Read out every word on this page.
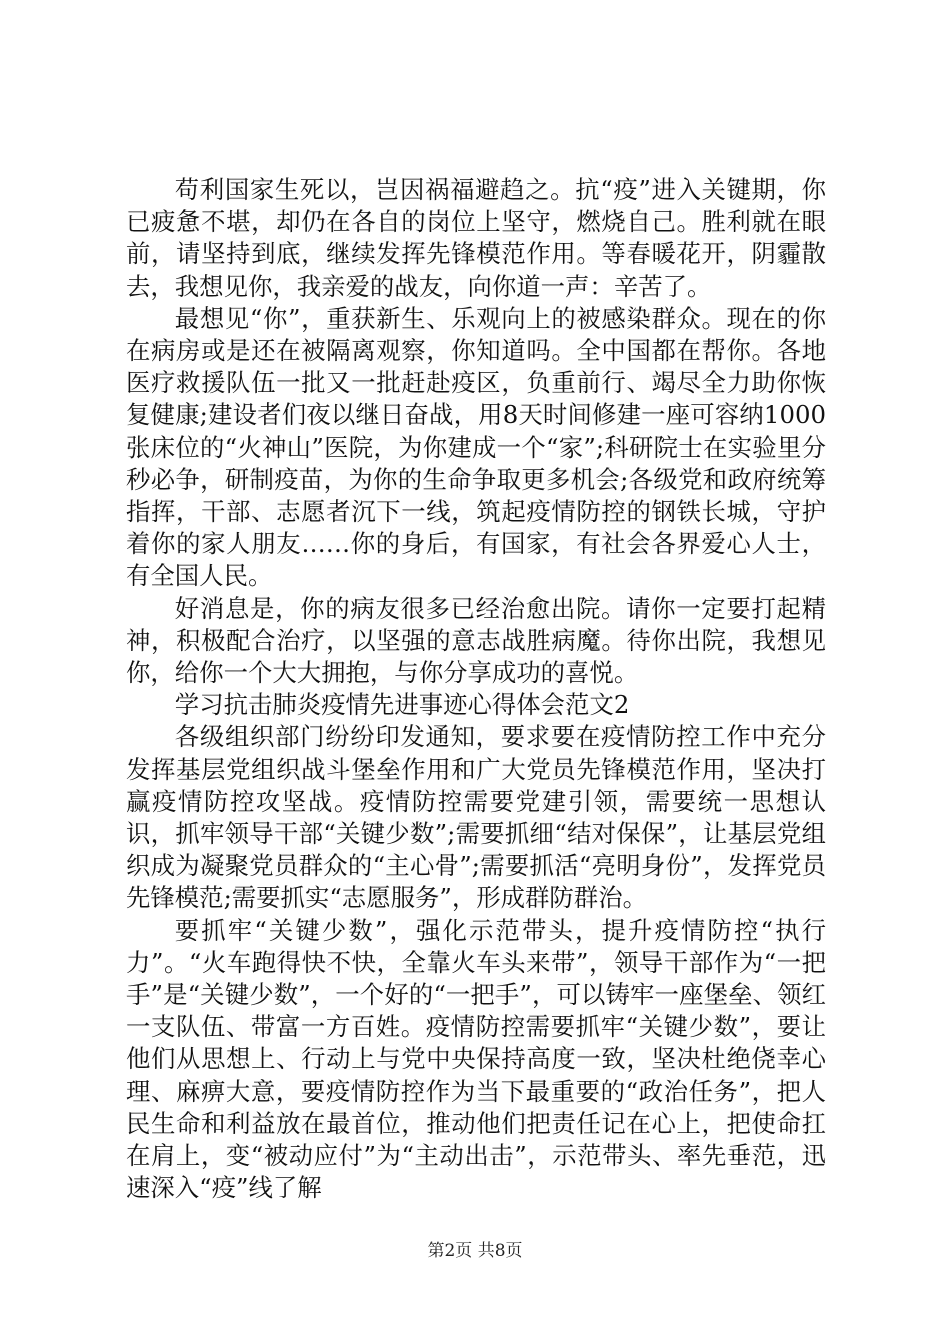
苟利国家生死以，岂因祸福避趋之。抗“疫”进入关键期，你已疲惫不堪，却仍在各自的岗位上坚守，燃烧自己。胜利就在眼前，请坚持到底，继续发挥先锋模范作用。等春暖花开，阴霾散去，我想见你，我亲爱的战友，向你道一声：辛苦了。

最想见“你”，重获新生、乐观向上的被感染群众。现在的你在病房或是还在被隔离观察，你知道吗。全中国都在帮你。各地医疗救援队伍一批又一批赶赴疫区，负重前行、竭尽全力助你恢复健康;建设者们夜以继日奋战，用8天时间修建一座可容纳1000张床位的“火神山”医院，为你建成一个“家”;科研院士在实验里分秒必争，研制疫苗，为你的生命争取更多机会;各级党和政府统筹指挥，干部、志愿者沉下一线，筑起疫情防控的钢铁长城，守护着你的家人朋友……你的身后，有国家，有社会各界爱心人士，有全国人民。

好消息是，你的病友很多已经治愈出院。请你一定要打起精神，积极配合治疗，以坚强的意志战胜病魔。待你出院，我想见你，给你一个大大拥抱，与你分享成功的喜悦。

学习抗击肺炎疫情先进事迹心得体会范文2

各级组织部门纷纷印发通知，要求要在疫情防控工作中充分发挥基层党组织战斗堡垒作用和广大党员先锋模范作用，坚决打赢疫情防控攻坚战。疫情防控需要党建引领，需要统一思想认识，抓牢领导干部“关键少数”;需要抓细“结对保保”，让基层党组织成为凝聚党员群众的“主心骨”;需要抓活“亮明身份”，发挥党员先锋模范;需要抓实“志愿服务”，形成群防群治。

要抓牢“关键少数”，强化示范带头，提升疫情防控“执行力”。“火车跑得快不快，全靠火车头来带”，领导干部作为“一把手”是“关键少数”，一个好的“一把手”，可以铸牢一座堡垒、领红一支队伍、带富一方百姓。疫情防控需要抓牢“关键少数”，要让他们从思想上、行动上与党中央保持高度一致，坚决杜绝侥幸心理、麻痹大意，要疫情防控作为当下最重要的“政治任务”，把人民生命和利益放在最首位，推动他们把责任记在心上，把使命扛在肩上，变“被动应付”为“主动出击”，示范带头、率先垂范，迅速深入“疫”线了解

第2页 共8页
